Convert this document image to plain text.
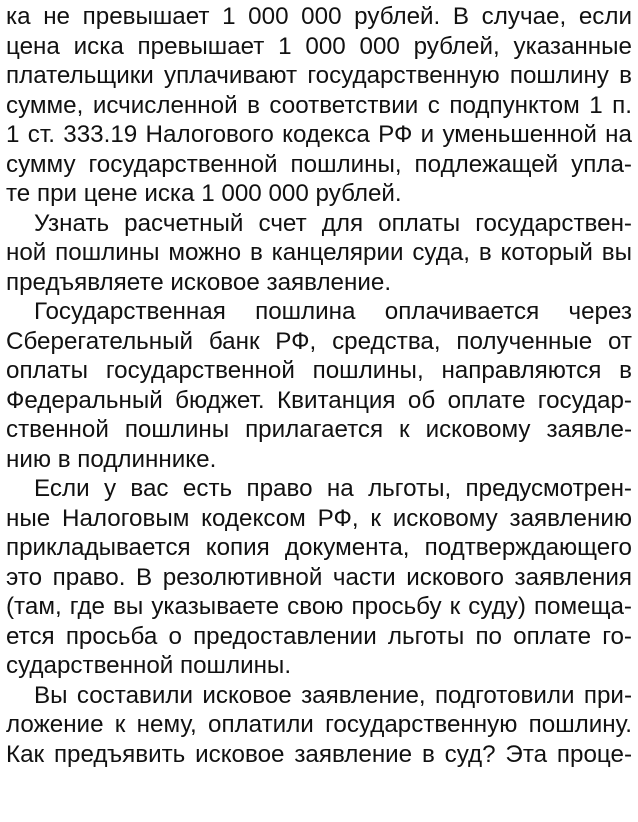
ка не превышает 1 000 000 рублей. В случае, если
цена иска превышает 1 000 000 рублей, указанные
плательщики уплачивают государственную пошлину в
сумме, исчисленной в соответствии с подпунктом 1 п.
1 ст. 333.19 Налогового кодекса РФ и уменьшенной на
сумму государственной пошлины, подлежащей упла-
те при цене иска 1 000 000 рублей.
Узнать расчетный счет для оплаты государствен-
ной пошлины можно в канцелярии суда, в который вы
предъявляете исковое заявление.
Государственная пошлина оплачивается через
Сберегательный банк РФ, средства, полученные от
оплаты государственной пошлины, направляются в
Федеральный бюджет. Квитанция об оплате государ-
ственной пошлины прилагается к исковому заявле-
нию в подлиннике.
Если у вас есть право на льготы, предусмотрен-
ные Налоговым кодексом РФ, к исковому заявлению
прикладывается копия документа, подтверждающего
это право. В резолютивной части искового заявления
(там, где вы указываете свою просьбу к суду) помеща-
ется просьба о предоставлении льготы по оплате го-
сударственной пошлины.
Вы составили исковое заявление, подготовили при-
ложение к нему, оплатили государственную пошлину.
Как предъявить исковое заявление в суд? Эта проце-
